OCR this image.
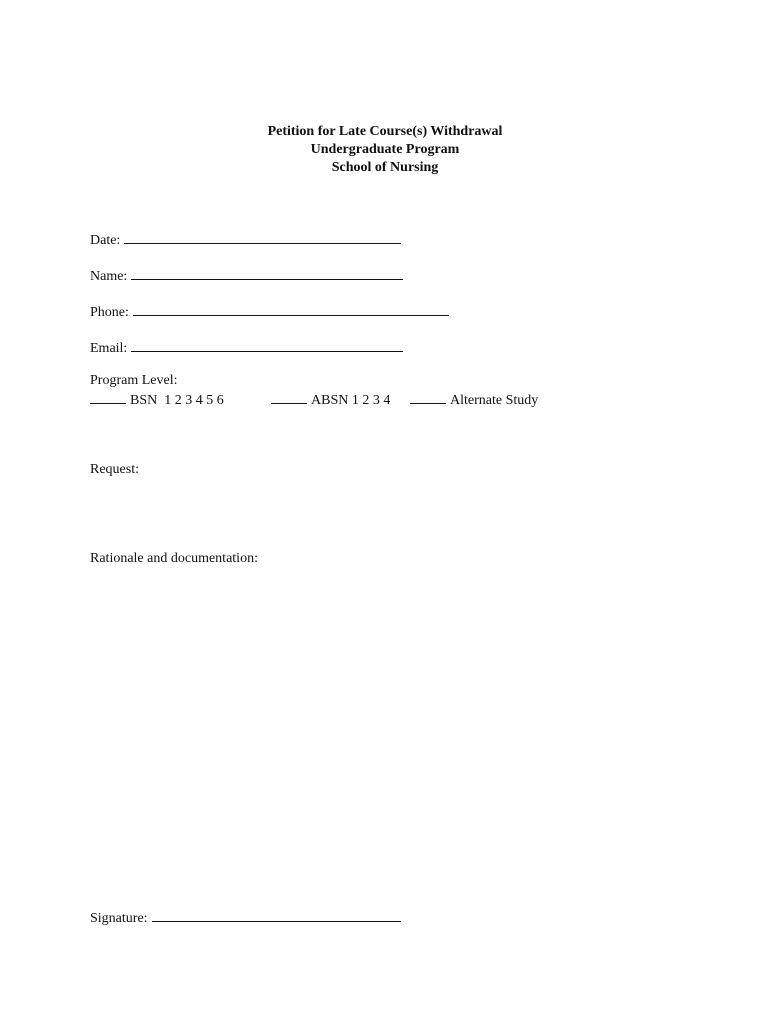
Petition for Late Course(s) Withdrawal
Undergraduate Program
School of Nursing
Date:
Name:
Phone:
Email:
Program Level:
BSN  1 2 3 4 5 6	ABSN 1 2 3 4	Alternate Study
Request:
Rationale and documentation:
Signature:
